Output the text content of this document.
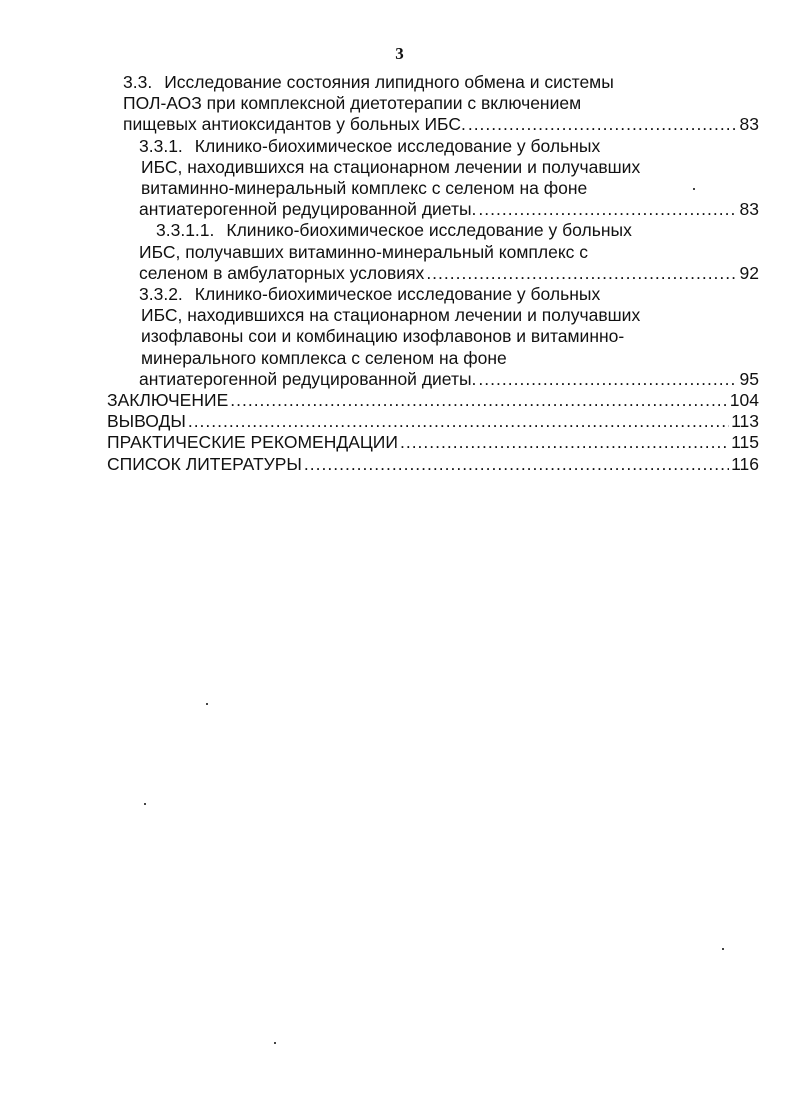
3
3.3. Исследование состояния липидного обмена и системы
ПОЛ-АОЗ при комплексной диетотерапии с включением
пищевых антиоксидантов у больных ИБС. .....	83
3.3.1. Клинико-биохимическое исследование у больных
ИБС, находившихся на стационарном лечении и получавших
витаминно-минеральный комплекс с селеном на фоне
антиатерогенной редуцированной диеты. .....	83
3.3.1.1. Клинико-биохимическое исследование у больных
ИБС, получавших витаминно-минеральный комплекс с
селеном в амбулаторных условиях .....	92
3.3.2. Клинико-биохимическое исследование у больных
ИБС, находившихся на стационарном лечении и получавших
изофлавоны сои и комбинацию изофлавонов и витаминно-
минерального комплекса с селеном на фоне
антиатерогенной редуцированной диеты. .....	95
ЗАКЛЮЧЕНИЕ .....	104
ВЫВОДЫ .....	113
ПРАКТИЧЕСКИЕ РЕКОМЕНДАЦИИ .....	115
СПИСОК ЛИТЕРАТУРЫ .....	116
